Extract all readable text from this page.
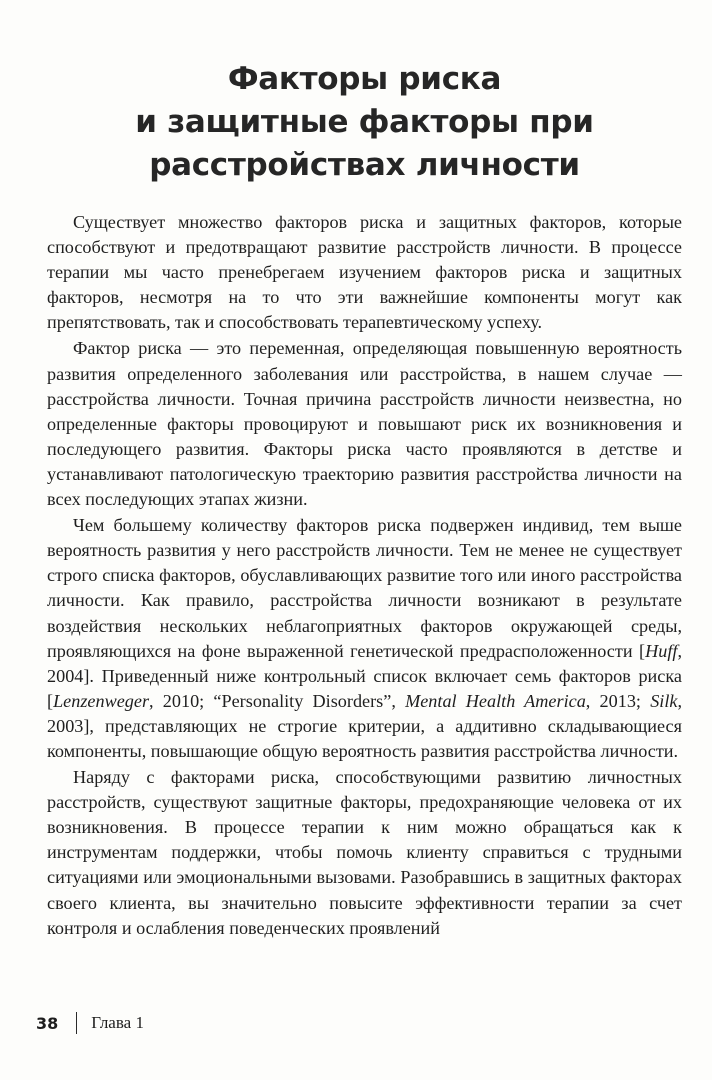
Факторы риска
и защитные факторы при
расстройствах личности

Существует множество факторов риска и защитных факторов, которые способствуют и предотвращают развитие расстройств личности. В процессе терапии мы часто пренебрегаем изучением факторов риска и защитных факторов, несмотря на то что эти важнейшие компоненты могут как препятствовать, так и способствовать терапевтическому успеху.

Фактор риска — это переменная, определяющая повышенную вероятность развития определенного заболевания или расстройства, в нашем случае — расстройства личности. Точная причина расстройств личности неизвестна, но определенные факторы провоцируют и повышают риск их возникновения и последующего развития. Факторы риска часто проявляются в детстве и устанавливают патологическую траекторию развития расстройства личности на всех последующих этапах жизни.

Чем большему количеству факторов риска подвержен индивид, тем выше вероятность развития у него расстройств личности. Тем не менее не существует строго списка факторов, обуславливающих развитие того или иного расстройства личности. Как правило, расстройства личности возникают в результате воздействия нескольких неблагоприятных факторов окружающей среды, проявляющихся на фоне выраженной генетической предрасположенности [Huff, 2004]. Приведенный ниже контрольный список включает семь факторов риска [Lenzenweger, 2010; “Personality Disorders”, Mental Health America, 2013; Silk, 2003], представляющих не строгие критерии, а аддитивно складывающиеся компоненты, повышающие общую вероятность развития расстройства личности.

Наряду с факторами риска, способствующими развитию личностных расстройств, существуют защитные факторы, предохраняющие человека от их возникновения. В процессе терапии к ним можно обращаться как к инструментам поддержки, чтобы помочь клиенту справиться с трудными ситуациями или эмоциональными вызовами. Разобравшись в защитных факторах своего клиента, вы значительно повысите эффективности терапии за счет контроля и ослабления поведенческих проявлений

38 Глава 1
